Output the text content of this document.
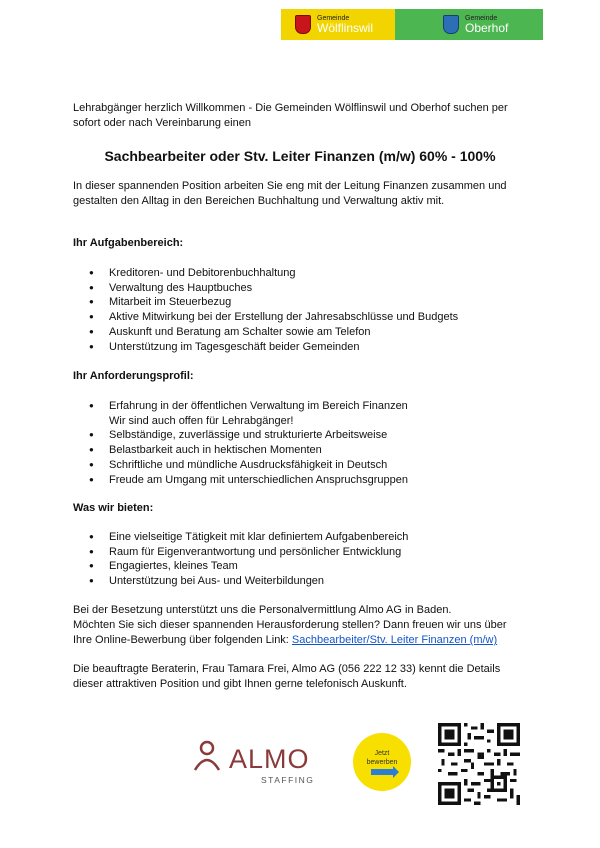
Gemeinde
Wölflinswil
Gemeinde
Oberhof

Lehrabgänger herzlich Willkommen - Die Gemeinden Wölflinswil und Oberhof suchen per sofort oder nach Vereinbarung einen

Sachbearbeiter oder Stv. Leiter Finanzen (m/w) 60% - 100%

In dieser spannenden Position arbeiten Sie eng mit der Leitung Finanzen zusammen und gestalten den Alltag in den Bereichen Buchhaltung und Verwaltung aktiv mit.

Ihr Aufgabenbereich:
● Kreditoren- und Debitorenbuchhaltung
● Verwaltung des Hauptbuches
● Mitarbeit im Steuerbezug
● Aktive Mitwirkung bei der Erstellung der Jahresabschlüsse und Budgets
● Auskunft und Beratung am Schalter sowie am Telefon
● Unterstützung im Tagesgeschäft beider Gemeinden
Ihr Anforderungsprofil:
● Erfahrung in der öffentlichen Verwaltung im Bereich Finanzen
Wir sind auch offen für Lehrabgänger!
● Selbständige, zuverlässige und strukturierte Arbeitsweise
● Belastbarkeit auch in hektischen Momenten
● Schriftliche und mündliche Ausdrucksfähigkeit in Deutsch
● Freude am Umgang mit unterschiedlichen Anspruchsgruppen
Was wir bieten:
● Eine vielseitige Tätigkeit mit klar definiertem Aufgabenbereich
● Raum für Eigenverantwortung und persönlicher Entwicklung
● Engagiertes, kleines Team
● Unterstützung bei Aus- und Weiterbildungen
Bei der Besetzung unterstützt uns die Personalvermittlung Almo AG in Baden.
Möchten Sie sich dieser spannenden Herausforderung stellen? Dann freuen wir uns über Ihre Online-Bewerbung über folgenden Link: Sachbearbeiter/Stv. Leiter Finanzen (m/w)

Die beauftragte Beraterin, Frau Tamara Frei, Almo AG (056 222 12 33) kennt die Details dieser attraktiven Position und gibt Ihnen gerne telefonisch Auskunft.

ALMO
STAFFING
Jetzt
bewerben
